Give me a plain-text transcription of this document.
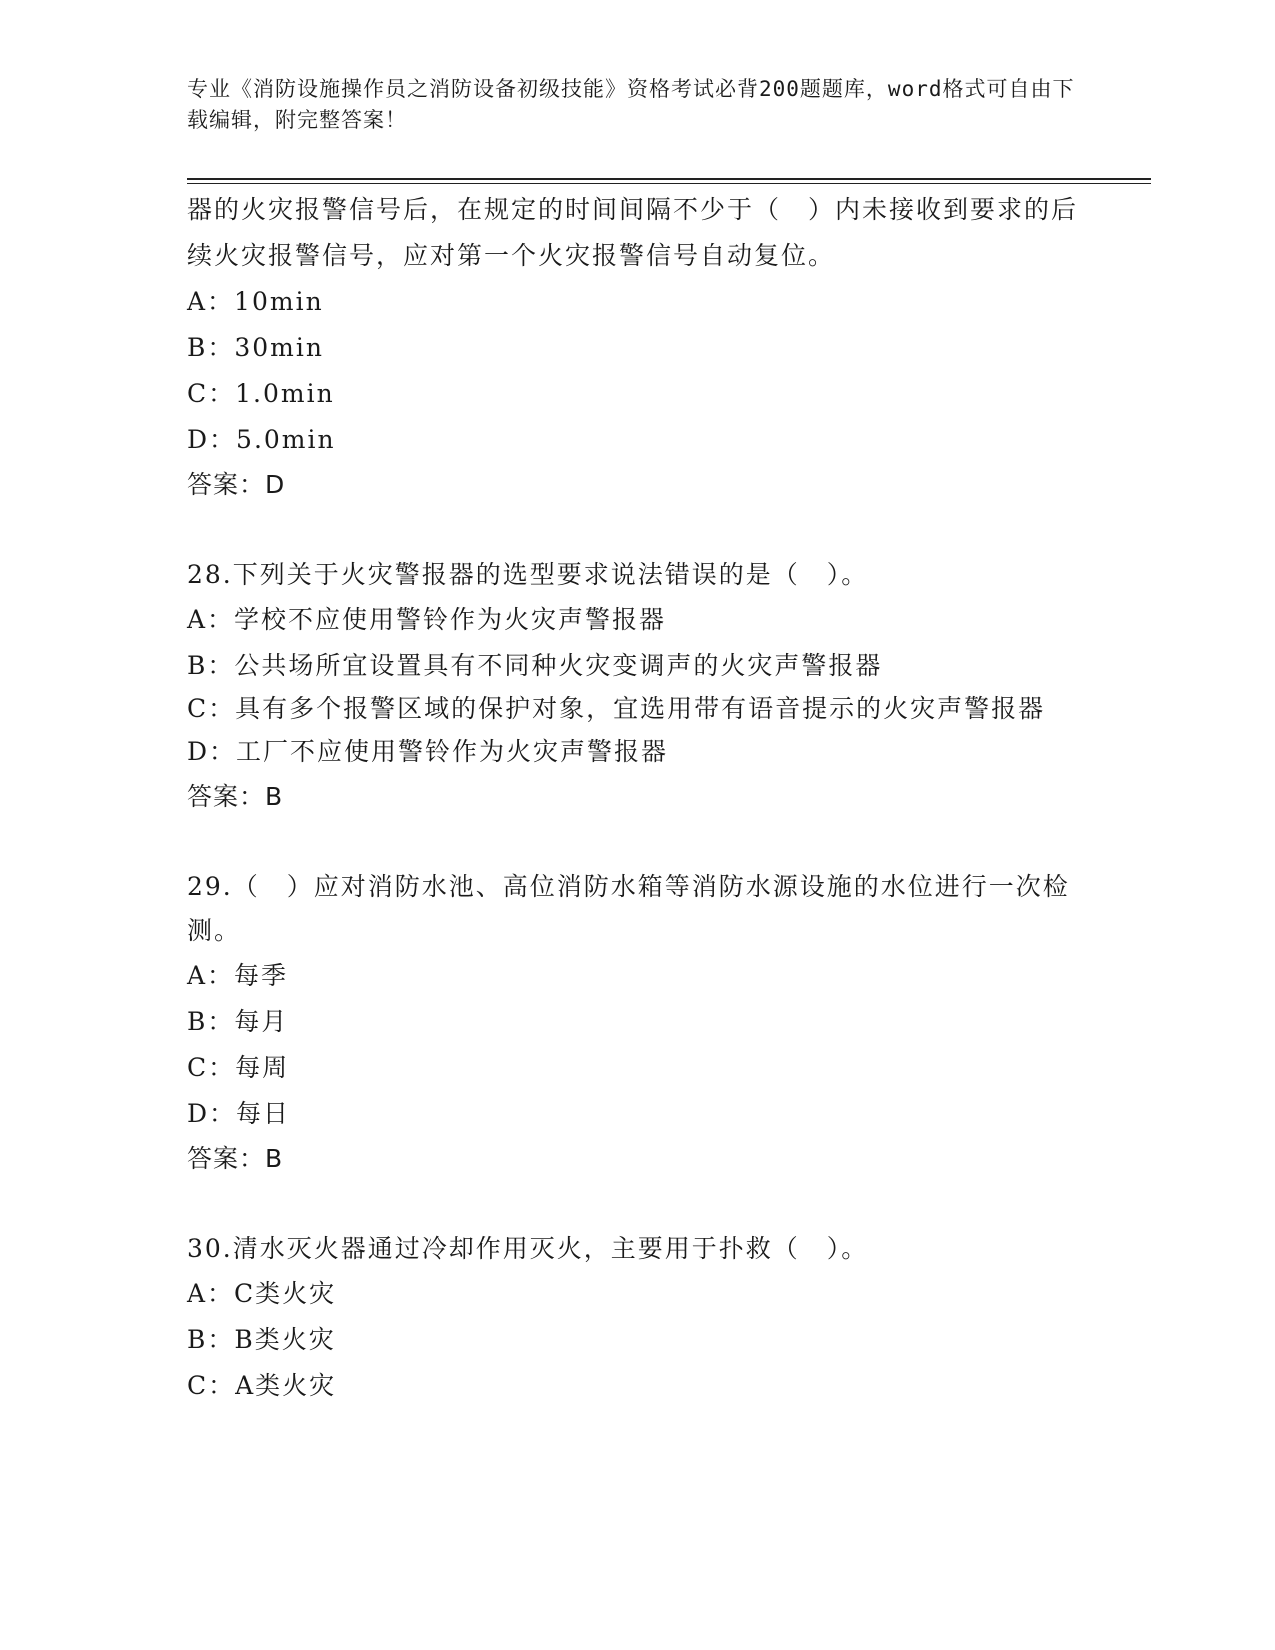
专业《消防设施操作员之消防设备初级技能》资格考试必背200题题库，word格式可自由下载编辑，附完整答案！

器的火灾报警信号后，在规定的时间间隔不少于（　）内未接收到要求的后续火灾报警信号，应对第一个火灾报警信号自动复位。

A：10min

B：30min

C：1.0min

D：5.0min

答案：D

28.下列关于火灾警报器的选型要求说法错误的是（　）。

A：学校不应使用警铃作为火灾声警报器

B：公共场所宜设置具有不同种火灾变调声的火灾声警报器

C：具有多个报警区域的保护对象，宜选用带有语音提示的火灾声警报器

D：工厂不应使用警铃作为火灾声警报器

答案：B

29.（　）应对消防水池、高位消防水箱等消防水源设施的水位进行一次检测。

A：每季

B：每月

C：每周

D：每日

答案：B

30.清水灭火器通过冷却作用灭火，主要用于扑救（　）。

A：C类火灾

B：B类火灾

C：A类火灾
